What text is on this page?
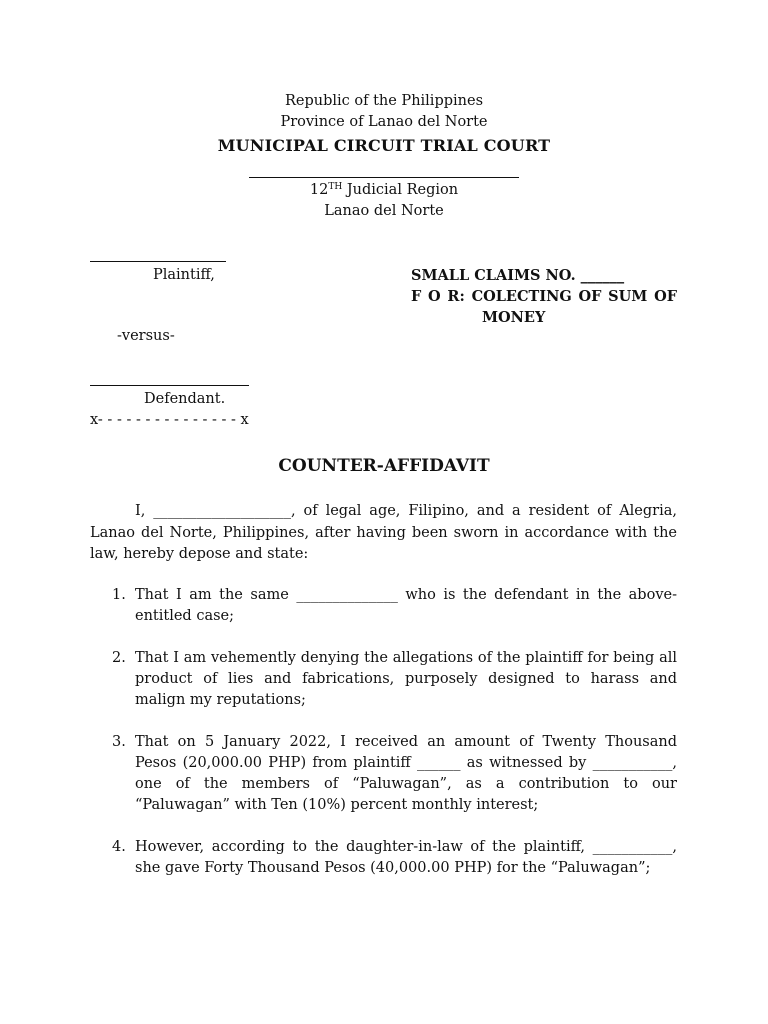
Republic of the Philippines

Province of Lanao del Norte

MUNICIPAL CIRCUIT TRIAL COURT

12TH Judicial Region

Lanao del Norte

Plaintiff,

-versus-

Defendant.

x- - - - - - - - - - - - - - - x

SMALL CLAIMS NO. ______

F O R: COLECTING OF SUM OF

MONEY

COUNTER-AFFIDAVIT

I, ___________________, of legal age, Filipino, and a resident of Alegria,
Lanao del Norte, Philippines, after having been sworn in accordance with the
law, hereby depose and state:
1. That I am the same ______________ who is the defendant in the above-
entitled case;
2. That I am vehemently denying the allegations of the plaintiff for being all
product of lies and fabrications, purposely designed to harass and
malign my reputations;
3. That on 5 January 2022, I received an amount of Twenty Thousand
Pesos (20,000.00 PHP) from plaintiff ______ as witnessed by ___________,
one of the members of “Paluwagan”, as a contribution to our
“Paluwagan” with Ten (10%) percent monthly interest;
4. However, according to the daughter-in-law of the plaintiff, ___________,
she gave Forty Thousand Pesos (40,000.00 PHP) for the “Paluwagan”;
